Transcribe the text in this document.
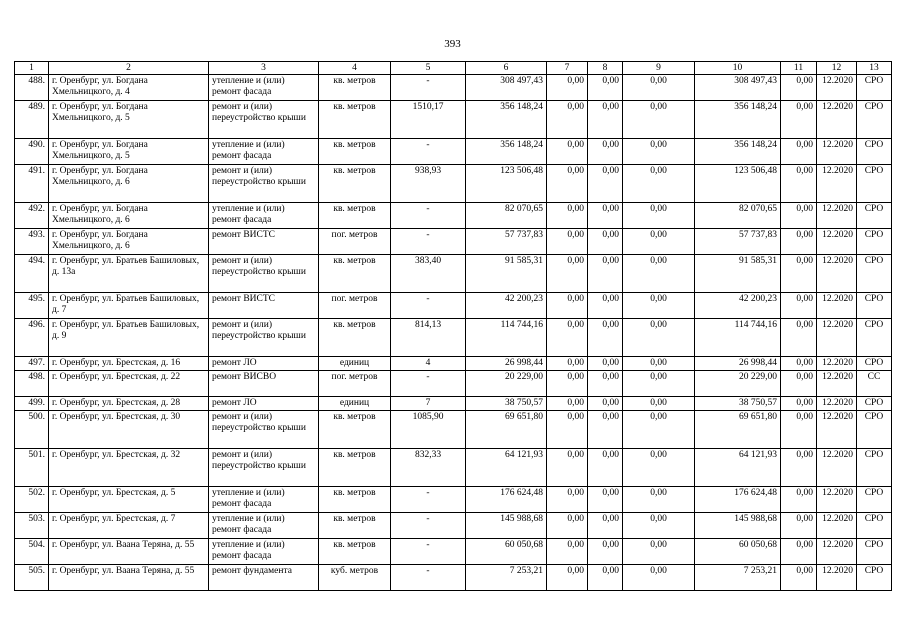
393
1	2	3	4	5	6	7	8	9	10	11	12	13
488.	г. Оренбург, ул. Богдана Хмельницкого, д. 4	утепление и (или) ремонт фасада	кв. метров	-	308 497,43	0,00	0,00	0,00	308 497,43	0,00	12.2020	СРО
489.	г. Оренбург, ул. Богдана Хмельницкого, д. 5	ремонт и (или) переустройство крыши	кв. метров	1510,17	356 148,24	0,00	0,00	0,00	356 148,24	0,00	12.2020	СРО
490.	г. Оренбург, ул. Богдана Хмельницкого, д. 5	утепление и (или) ремонт фасада	кв. метров	-	356 148,24	0,00	0,00	0,00	356 148,24	0,00	12.2020	СРО
491.	г. Оренбург, ул. Богдана Хмельницкого, д. 6	ремонт и (или) переустройство крыши	кв. метров	938,93	123 506,48	0,00	0,00	0,00	123 506,48	0,00	12.2020	СРО
492.	г. Оренбург, ул. Богдана Хмельницкого, д. 6	утепление и (или) ремонт фасада	кв. метров	-	82 070,65	0,00	0,00	0,00	82 070,65	0,00	12.2020	СРО
493.	г. Оренбург, ул. Богдана Хмельницкого, д. 6	ремонт ВИСТС	пог. метров	-	57 737,83	0,00	0,00	0,00	57 737,83	0,00	12.2020	СРО
494.	г. Оренбург, ул. Братьев Башиловых, д. 13а	ремонт и (или) переустройство крыши	кв. метров	383,40	91 585,31	0,00	0,00	0,00	91 585,31	0,00	12.2020	СРО
495.	г. Оренбург, ул. Братьев Башиловых, д. 7	ремонт ВИСТС	пог. метров	-	42 200,23	0,00	0,00	0,00	42 200,23	0,00	12.2020	СРО
496.	г. Оренбург, ул. Братьев Башиловых, д. 9	ремонт и (или) переустройство крыши	кв. метров	814,13	114 744,16	0,00	0,00	0,00	114 744,16	0,00	12.2020	СРО
497.	г. Оренбург, ул. Брестская, д. 16	ремонт ЛО	единиц	4	26 998,44	0,00	0,00	0,00	26 998,44	0,00	12.2020	СРО
498.	г. Оренбург, ул. Брестская, д. 22	ремонт ВИСВО	пог. метров	-	20 229,00	0,00	0,00	0,00	20 229,00	0,00	12.2020	СС
499.	г. Оренбург, ул. Брестская, д. 28	ремонт ЛО	единиц	7	38 750,57	0,00	0,00	0,00	38 750,57	0,00	12.2020	СРО
500.	г. Оренбург, ул. Брестская, д. 30	ремонт и (или) переустройство крыши	кв. метров	1085,90	69 651,80	0,00	0,00	0,00	69 651,80	0,00	12.2020	СРО
501.	г. Оренбург, ул. Брестская, д. 32	ремонт и (или) переустройство крыши	кв. метров	832,33	64 121,93	0,00	0,00	0,00	64 121,93	0,00	12.2020	СРО
502.	г. Оренбург, ул. Брестская, д. 5	утепление и (или) ремонт фасада	кв. метров	-	176 624,48	0,00	0,00	0,00	176 624,48	0,00	12.2020	СРО
503.	г. Оренбург, ул. Брестская, д. 7	утепление и (или) ремонт фасада	кв. метров	-	145 988,68	0,00	0,00	0,00	145 988,68	0,00	12.2020	СРО
504.	г. Оренбург, ул. Ваана Теряна, д. 55	утепление и (или) ремонт фасада	кв. метров	-	60 050,68	0,00	0,00	0,00	60 050,68	0,00	12.2020	СРО
505.	г. Оренбург, ул. Ваана Теряна, д. 55	ремонт фундамента	куб. метров	-	7 253,21	0,00	0,00	0,00	7 253,21	0,00	12.2020	СРО
